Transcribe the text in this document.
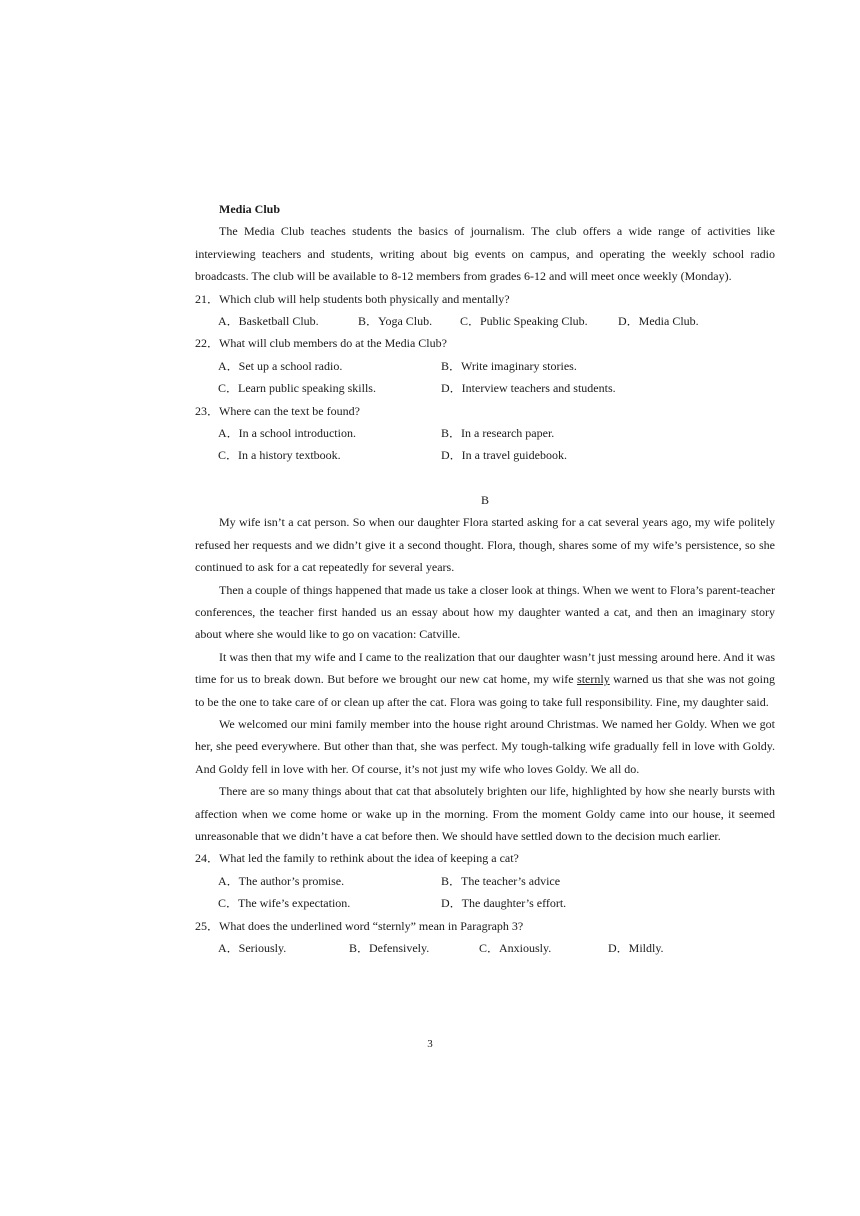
Media Club

The Media Club teaches students the basics of journalism. The club offers a wide range of activities like interviewing teachers and students, writing about big events on campus, and operating the weekly school radio broadcasts. The club will be available to 8-12 members from grades 6-12 and will meet once weekly (Monday).

21．Which club will help students both physically and mentally?

A．Basketball Club.	B．Yoga Club.	C．Public Speaking Club.	D．Media Club.

22．What will club members do at the Media Club?

A．Set up a school radio.	B．Write imaginary stories.
C．Learn public speaking skills.	D．Interview teachers and students.

23．Where can the text be found?

A．In a school introduction.	B．In a research paper.
C．In a history textbook.	D．In a travel guidebook.
B

My wife isn’t a cat person. So when our daughter Flora started asking for a cat several years ago, my wife politely refused her requests and we didn’t give it a second thought. Flora, though, shares some of my wife’s persistence, so she continued to ask for a cat repeatedly for several years.

Then a couple of things happened that made us take a closer look at things. When we went to Flora’s parent-teacher conferences, the teacher first handed us an essay about how my daughter wanted a cat, and then an imaginary story about where she would like to go on vacation: Catville.

It was then that my wife and I came to the realization that our daughter wasn’t just messing around here. And it was time for us to break down. But before we brought our new cat home, my wife sternly warned us that she was not going to be the one to take care of or clean up after the cat. Flora was going to take full responsibility. Fine, my daughter said.

We welcomed our mini family member into the house right around Christmas. We named her Goldy. When we got her, she peed everywhere. But other than that, she was perfect. My tough-talking wife gradually fell in love with Goldy. And Goldy fell in love with her. Of course, it’s not just my wife who loves Goldy. We all do.

There are so many things about that cat that absolutely brighten our life, highlighted by how she nearly bursts with affection when we come home or wake up in the morning. From the moment Goldy came into our house, it seemed unreasonable that we didn’t have a cat before then. We should have settled down to the decision much earlier.

24．What led the family to rethink about the idea of keeping a cat?

A．The author’s promise.	B．The teacher’s advice
C．The wife’s expectation.	D．The daughter’s effort.

25．What does the underlined word “sternly” mean in Paragraph 3?

A．Seriously.	B．Defensively.	C．Anxiously.	D．Mildly.
3
